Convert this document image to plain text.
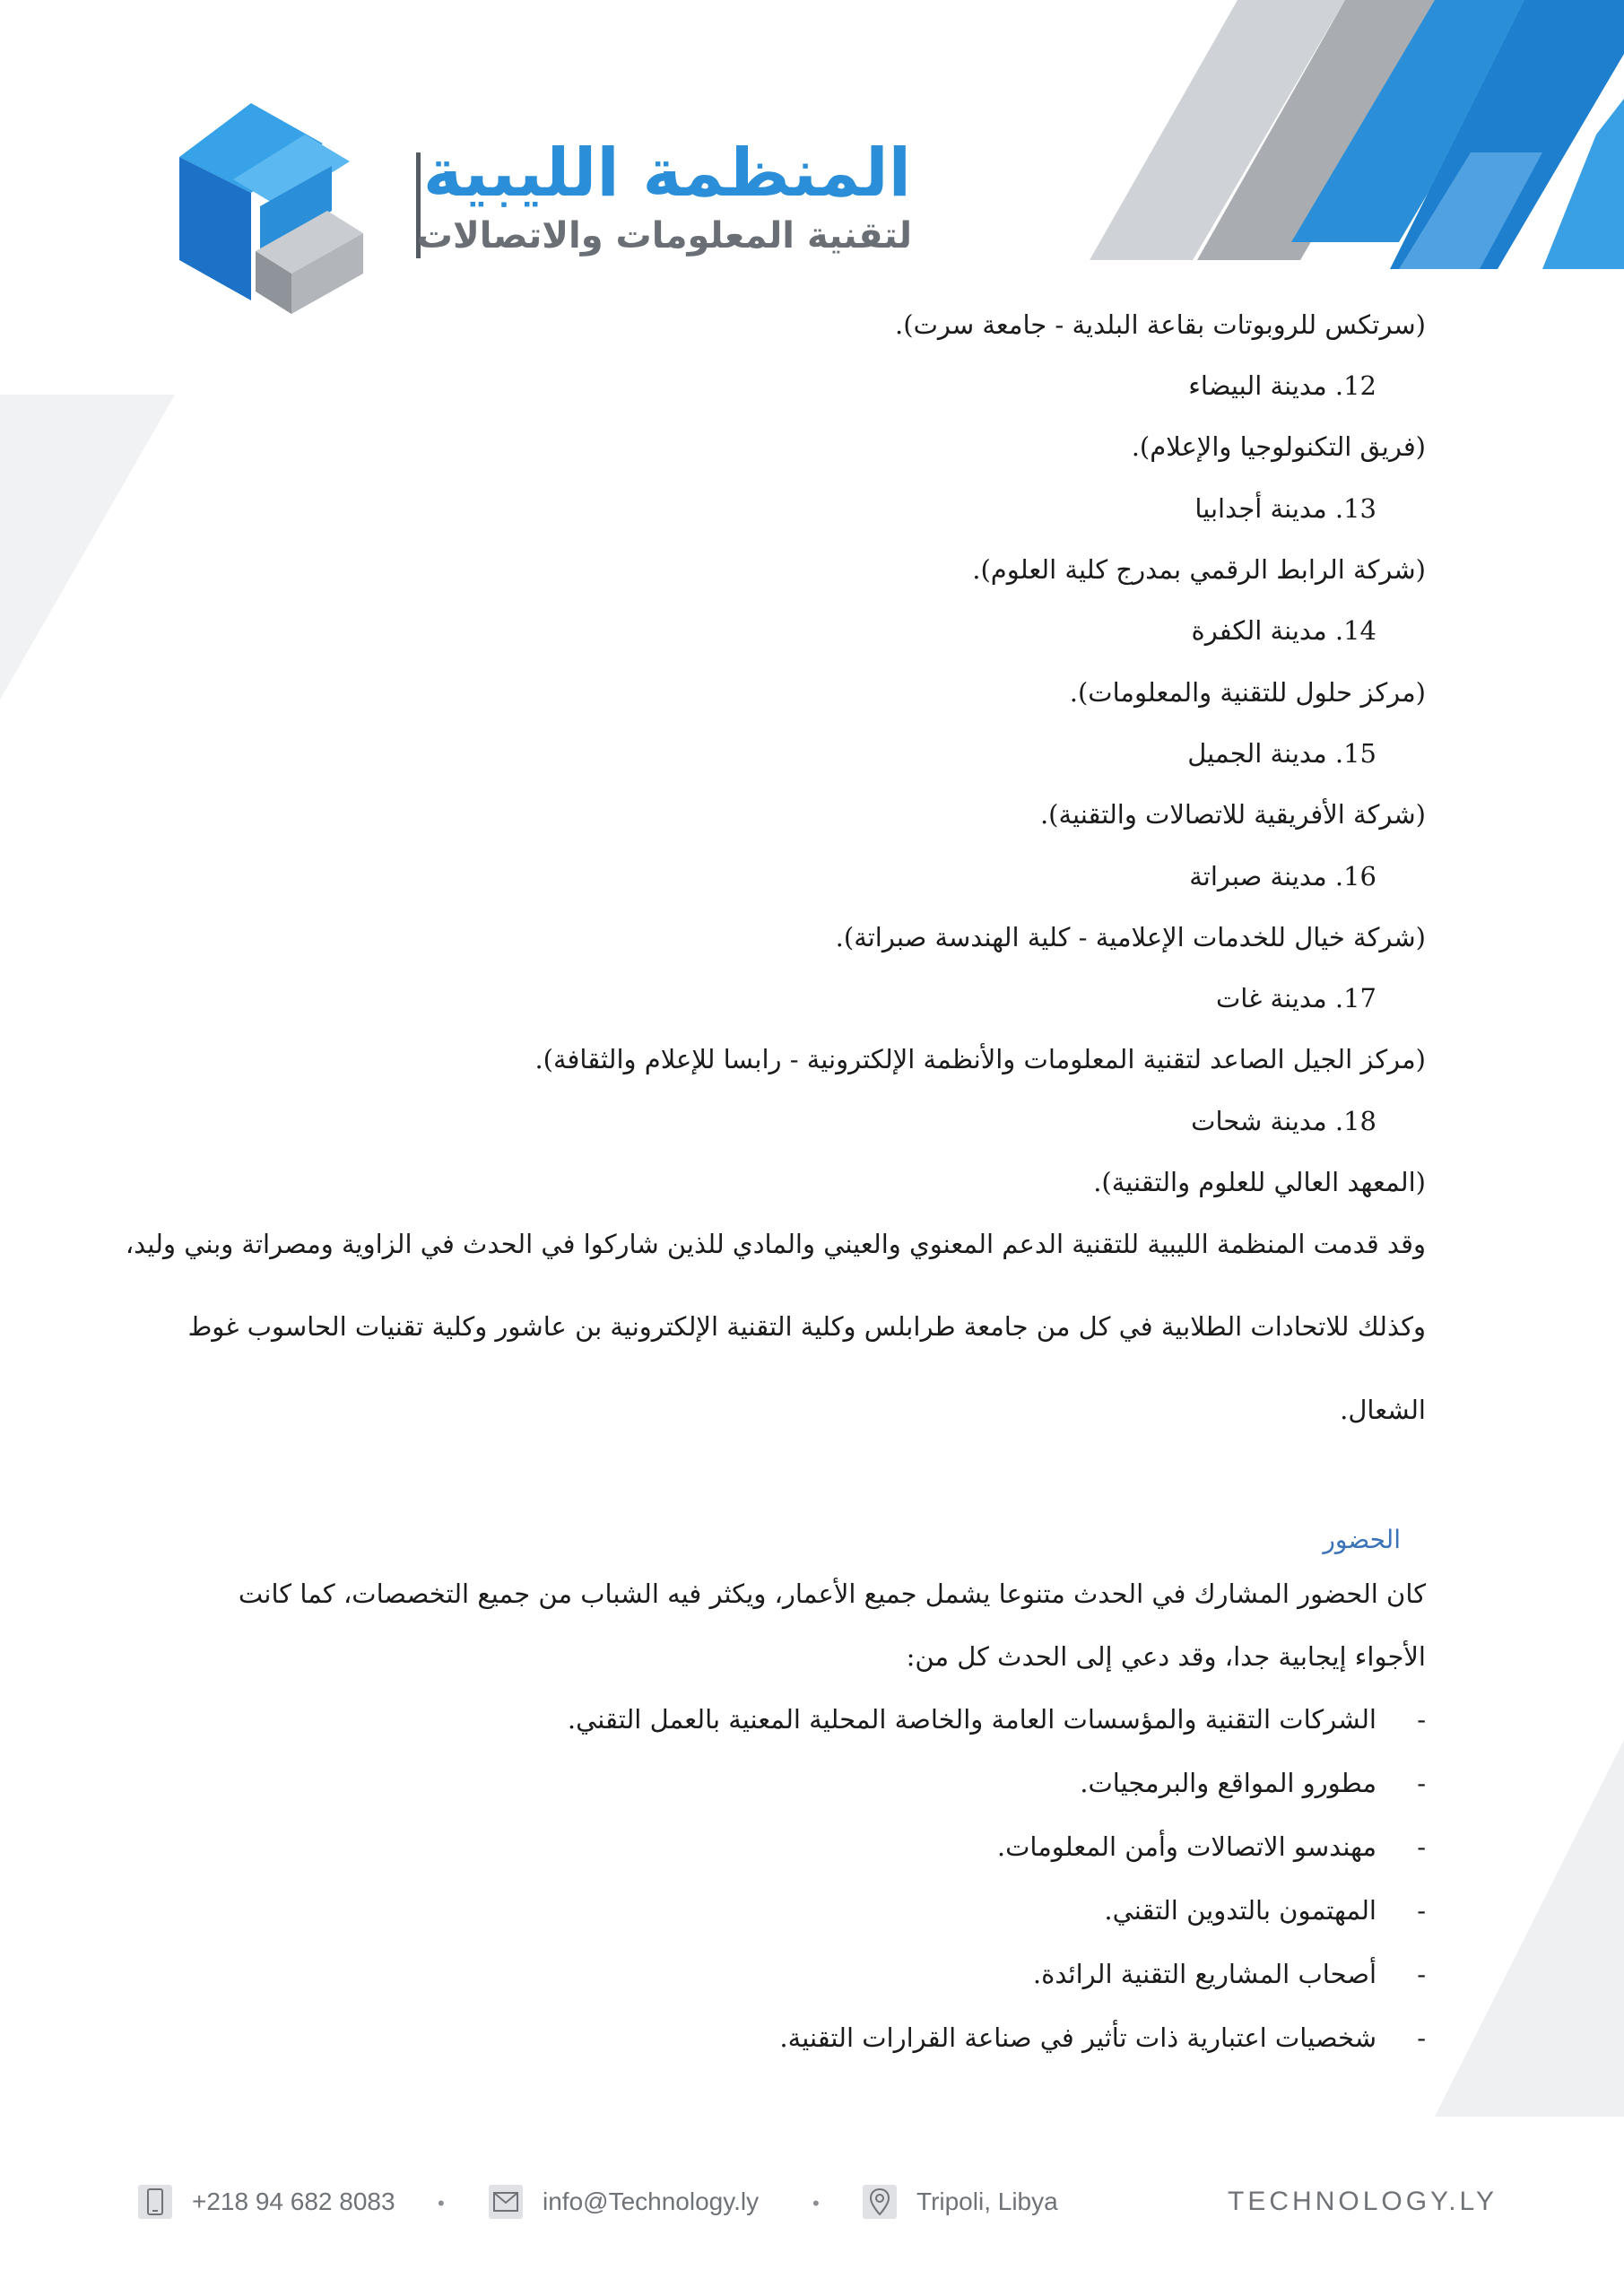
المنظمة الليبية
لتقنية المعلومات والاتصالات
(سرتكس للروبوتات بقاعة البلدية - جامعة سرت).
12. مدينة البيضاء
(فريق التكنولوجيا والإعلام).
13. مدينة أجدابيا
(شركة الرابط الرقمي بمدرج كلية العلوم).
14. مدينة الكفرة
(مركز حلول للتقنية والمعلومات).
15. مدينة الجميل
(شركة الأفريقية للاتصالات والتقنية).
16. مدينة صبراتة
(شركة خيال للخدمات الإعلامية - كلية الهندسة صبراتة).
17. مدينة غات
(مركز الجيل الصاعد لتقنية المعلومات والأنظمة الإلكترونية - رابسا للإعلام والثقافة).
18. مدينة شحات
(المعهد العالي للعلوم والتقنية).
وقد قدمت المنظمة الليبية للتقنية الدعم المعنوي والعيني والمادي للذين شاركوا في الحدث في الزاوية ومصراتة وبني وليد،
وكذلك للاتحادات الطلابية في كل من جامعة طرابلس وكلية التقنية الإلكترونية بن عاشور وكلية تقنيات الحاسوب غوط
الشعال.
الحضور
كان الحضور المشارك في الحدث متنوعا يشمل جميع الأعمار، ويكثر فيه الشباب من جميع التخصصات، كما كانت
الأجواء إيجابية جدا، وقد دعي إلى الحدث كل من:
-
الشركات التقنية والمؤسسات العامة والخاصة المحلية المعنية بالعمل التقني.
-
مطورو المواقع والبرمجيات.
-
مهندسو الاتصالات وأمن المعلومات.
-
المهتمون بالتدوين التقني.
-
أصحاب المشاريع التقنية الرائدة.
-
شخصيات اعتبارية ذات تأثير في صناعة القرارات التقنية.
+218 94 682 8083 •	info@Technology.ly	•	Tripoli, Libya	TECHNOLOGY.LY
